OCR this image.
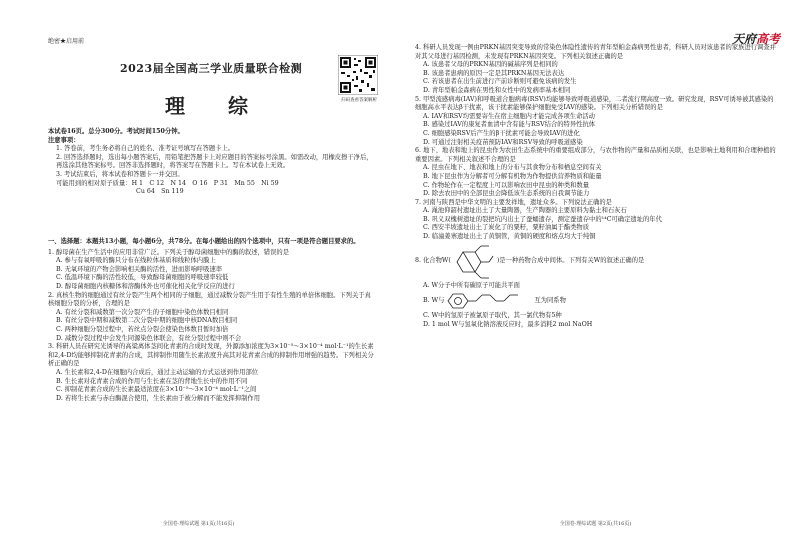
绝密★启用前
2023届全国高三学业质量联合检测
理 综	扫码查看答案解析
本试卷16页。总分300分。考试时间150分钟。
注意事项：
1. 答卷前，考生务必将自己的姓名、准考证号填写在答题卡上。
2. 回答选择题时，选出每小题答案后，用铅笔把答题卡上对应题目的答案标号涂黑。如需改动，用橡皮擦干净后，再选涂其他答案标号。回答非选择题时，将答案写在答题卡上。写在本试卷上无效。
3. 考试结束后，将本试卷和答题卡一并交回。
可能用到的相对原子质量：H 1　C 12　N 14　O 16　P 31　Mn 55　Ni 59
Cu 64　Sn 119
一、选择题：本题共13小题，每小题6分，共78分。在每小题给出的四个选项中，只有一项是符合题目要求的。
1. 醇母菌在生产生活中的应用非常广泛。下列关于醇母菌细胞中的酶的叙述，错误的是
A. 参与有氧呼吸的酶只分布在线粒体基质和线粒体内膜上
B. 无氧环境的产物会影响相关酶的活性，进而影响呼吸速率
C. 低温环境下酶的活性较低，导致醇母菌细胞的呼吸速率较低
D. 醇母菌细胞内核糖体和溶酶体外也可催化相关化学反应的进行
2. 真核生物的细胞通过有丝分裂产生两个相同的子细胞，通过减数分裂产生用于有性生殖的单倍体细胞。下列关于真核细胞分裂的分析，合理的是
A. 有丝分裂和减数第一次分裂产生的子细胞中染色体数目相同
B. 有丝分裂中期和减数第二次分裂中期的细胞中核DNA数目相同
C. 两种细胞分裂过程中，若丝点分裂会使染色体数目暂时加倍
D. 减数分裂过程中会发生同源染色体联会，有丝分裂过程中则不会
3. 科研人员在研究光诱导的高粱离体茎间化青素的合成时发现，外源添加浓度为3×10⁻⁵～3×10⁻⁴ mol·L⁻¹的生长素和2,4-D均能够抑制花青素的合成，其抑制作用随生长素浓度升高其对花青素合成的抑制作用增强的趋势。下列相关分析正确的是
A. 生长素和2,4-D在细胞内合成后，通过主动运输的方式运送到作用部位
B. 生长素对花青素合成的作用与生长素在茎的背地生长中的作用不同
C. 抑制花青素合成的生长素最适浓度在3×10⁻⁵～3×10⁻⁴ mol·L⁻¹之间
D. 若将生长素与赤白酶混合使用，生长素由于被分解而不能发挥抑制作用
全国卷·理综试题 第1页(共16页)
天府高考
4. 科研人员发现一例由PRKN基因突变导致的常染色体隐性遗传的青年型帕金森病男性患者，科研人员对该患者的家族进行调查并对其父母进行基因检测，未发现有PRKN基因突变。下列相关叙述正确的是
A. 该患者父母的PRKN基因的碱基序列是相同的
B. 该患者患病的原因一定是其PRKN基因无法表达
C. 若该患者在出生前进行产前诊断则可避免该病的发生
D. 青年型帕金森病在男性和女性中的发病率基本相同
5. 甲型流感病毒(IAV)和呼吸道合胞病毒(RSV)均能够导致呼吸道感染，二者流行期高度一致。研究发现，RSV可诱导被其感染的细胞高水平表达β干扰素，该干扰素能够保护细胞免受IAV的感染。下列相关分析错误的是
A. IAV和RSV均需要寄生在宿主细胞内才能完成各项生命活动
B. 感染过IAV的康复者血清中含有能与RSV结合的特异性抗体
C. 细胞感染RSV后产生的β干扰素可能会导致IAV的进化
D. 可通过注射相关疫苗预防IAV和RSV导致的呼吸道感染
6. 地下、地表和地上的昆虫作为农田生态系统中的重要组成部分，与农作物的产量和品质相关联，也是影响土地利用和合理种植的重要因素。下列相关叙述不合理的是
A. 昆虫在地下、地表和地上的分布与其食物分布和栖息空间有关
B. 地下昆虫作为分解者可分解有机物为作物提供营养物质和能量
C. 作物轮作在一定程度上可以影响农田中昆虫的种类和数量
D. 除去农田中的全部昆虫会降低该生态系统的自我调节能力
7. 河南与陕西是中华文明的主要发祥地，遗址众多。下列说法正确的是
A. 渑池仰韶村遗址出土了大量陶器，生产陶器的主要原料为黏土和石灰石
B. 巩义双槐树遗址的裂把坑内出土了蚕蛹遗存，测定蚕遗存中的¹⁴C可确定遗址的年代
C. 西安半坡遗址出土了炭化了的粟籽，粟籽油属于酯类物质
D. 临潼姜寨遗址出土了黄铜管，黄铜的硬度和熔点均大于纯铜
8. 化合物W(	)是一种药物合成中间体。下列有关W的叙述正确的是
A. W分子中所有碳原子可能共平面
B. W与	互为同系物
C. W中的氢原子被氯原子取代，其一氯代物有5种
D. 1 mol W与氢氧化钠溶液反应时，最多消耗2 mol NaOH
全国卷·理综试题 第2页(共16页)
